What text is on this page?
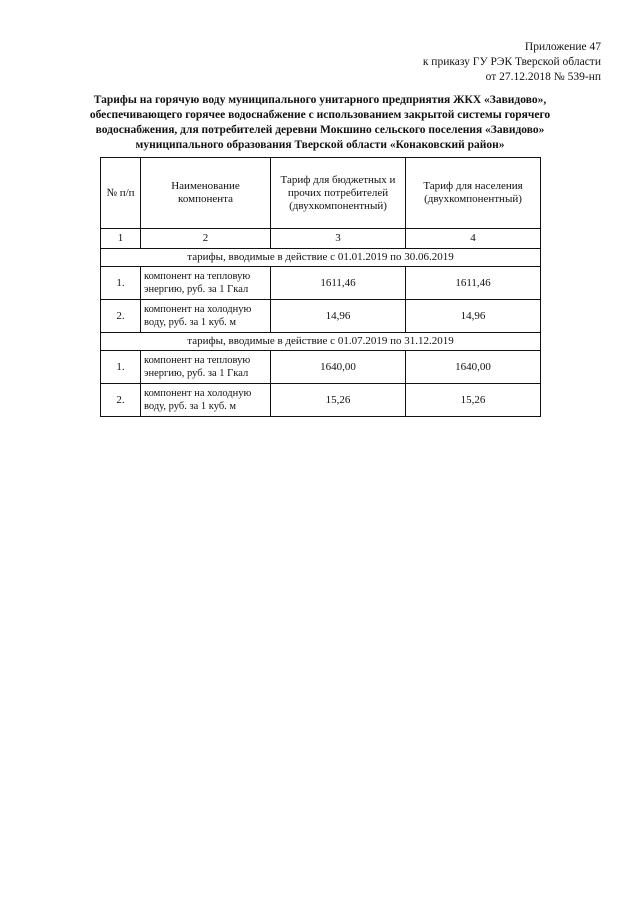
Приложение 47
к приказу ГУ РЭК Тверской области
от 27.12.2018 № 539-нп
Тарифы на горячую воду муниципального унитарного предприятия ЖКХ «Завидово»,
обеспечивающего горячее водоснабжение с использованием закрытой системы горячего
водоснабжения, для потребителей деревни Мокшино сельского поселения «Завидово»
муниципального образования Тверской области «Конаковский район»
№ п/п	Наименование компонента	Тариф для бюджетных и прочих потребителей (двухкомпонентный)	Тариф для населения (двухкомпонентный)
1	2	3	4
тарифы, вводимые в действие с 01.01.2019 по 30.06.2019			
1.	компонент на тепловую энергию, руб. за 1 Гкал	1611,46	1611,46
2.	компонент на холодную воду, руб. за 1 куб. м	14,96	14,96
тарифы, вводимые в действие с 01.07.2019 по 31.12.2019			
1.	компонент на тепловую энергию, руб. за 1 Гкал	1640,00	1640,00
2.	компонент на холодную воду, руб. за 1 куб. м	15,26	15,26
